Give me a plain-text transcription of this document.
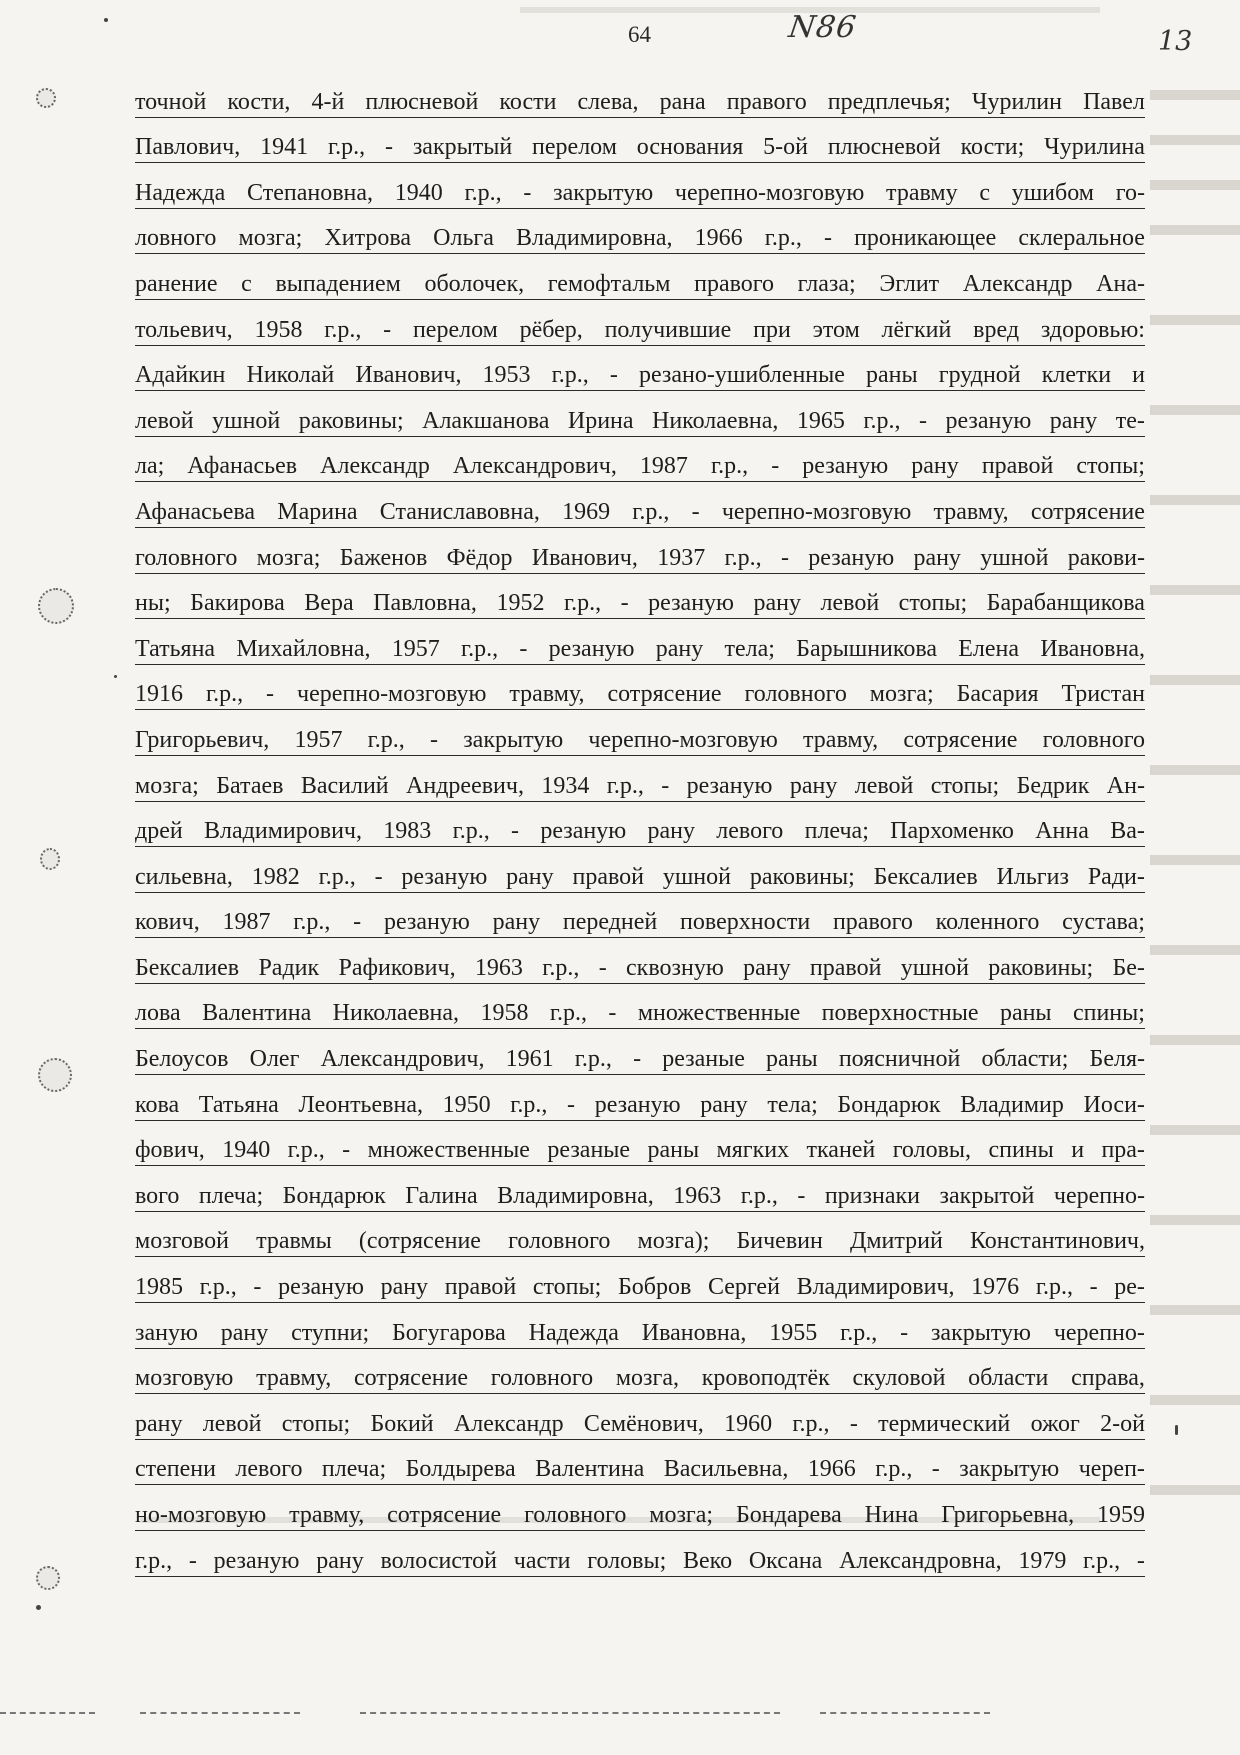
64	N86	13
точной кости, 4-й плюсневой кости слева, рана правого предплечья; Чурилин Павел
Павлович, 1941 г.р., - закрытый перелом основания 5-ой плюсневой кости; Чурилина
Надежда Степановна, 1940 г.р., - закрытую черепно-мозговую травму с ушибом го-
ловного мозга; Хитрова Ольга Владимировна, 1966 г.р., - проникающее склеральное
ранение с выпадением оболочек, гемофтальм правого глаза; Эглит Александр Ана-
тольевич, 1958 г.р., - перелом рёбер, получившие при этом лёгкий вред здоровью:
Адайкин Николай Иванович, 1953 г.р., - резано-ушибленные раны грудной клетки и
левой ушной раковины; Алакшанова Ирина Николаевна, 1965 г.р., - резаную рану те-
ла; Афанасьев Александр Александрович, 1987 г.р., - резаную рану правой стопы;
Афанасьева Марина Станиславовна, 1969 г.р., - черепно-мозговую травму, сотрясение
головного мозга; Баженов Фёдор Иванович, 1937 г.р., - резаную рану ушной ракови-
ны; Бакирова Вера Павловна, 1952 г.р., - резаную рану левой стопы; Барабанщикова
Татьяна Михайловна, 1957 г.р., - резаную рану тела; Барышникова Елена Ивановна,
1916 г.р., - черепно-мозговую травму, сотрясение головного мозга; Басария Тристан
Григорьевич, 1957 г.р., - закрытую черепно-мозговую травму, сотрясение головного
мозга; Батаев Василий Андреевич, 1934 г.р., - резаную рану левой стопы; Бедрик Ан-
дрей Владимирович, 1983 г.р., - резаную рану левого плеча; Пархоменко Анна Ва-
сильевна, 1982 г.р., - резаную рану правой ушной раковины; Бексалиев Ильгиз Ради-
кович, 1987 г.р., - резаную рану передней поверхности правого коленного сустава;
Бексалиев Радик Рафикович, 1963 г.р., - сквозную рану правой ушной раковины; Бе-
лова Валентина Николаевна, 1958 г.р., - множественные поверхностные раны спины;
Белоусов Олег Александрович, 1961 г.р., - резаные раны поясничной области; Беля-
кова Татьяна Леонтьевна, 1950 г.р., - резаную рану тела; Бондарюк Владимир Иоси-
фович, 1940 г.р., - множественные резаные раны мягких тканей головы, спины и пра-
вого плеча; Бондарюк Галина Владимировна, 1963 г.р., - признаки закрытой черепно-
мозговой травмы (сотрясение головного мозга); Бичевин Дмитрий Константинович,
1985 г.р., - резаную рану правой стопы; Бобров Сергей Владимирович, 1976 г.р., - ре-
заную рану ступни; Богугарова Надежда Ивановна, 1955 г.р., - закрытую черепно-
мозговую травму, сотрясение головного мозга, кровоподтёк скуловой области справа,
рану левой стопы; Бокий Александр Семёнович, 1960 г.р., - термический ожог 2-ой
степени левого плеча; Болдырева Валентина Васильевна, 1966 г.р., - закрытую череп-
но-мозговую травму, сотрясение головного мозга; Бондарева Нина Григорьевна, 1959
г.р., - резаную рану волосистой части головы; Веко Оксана Александровна, 1979 г.р., -
